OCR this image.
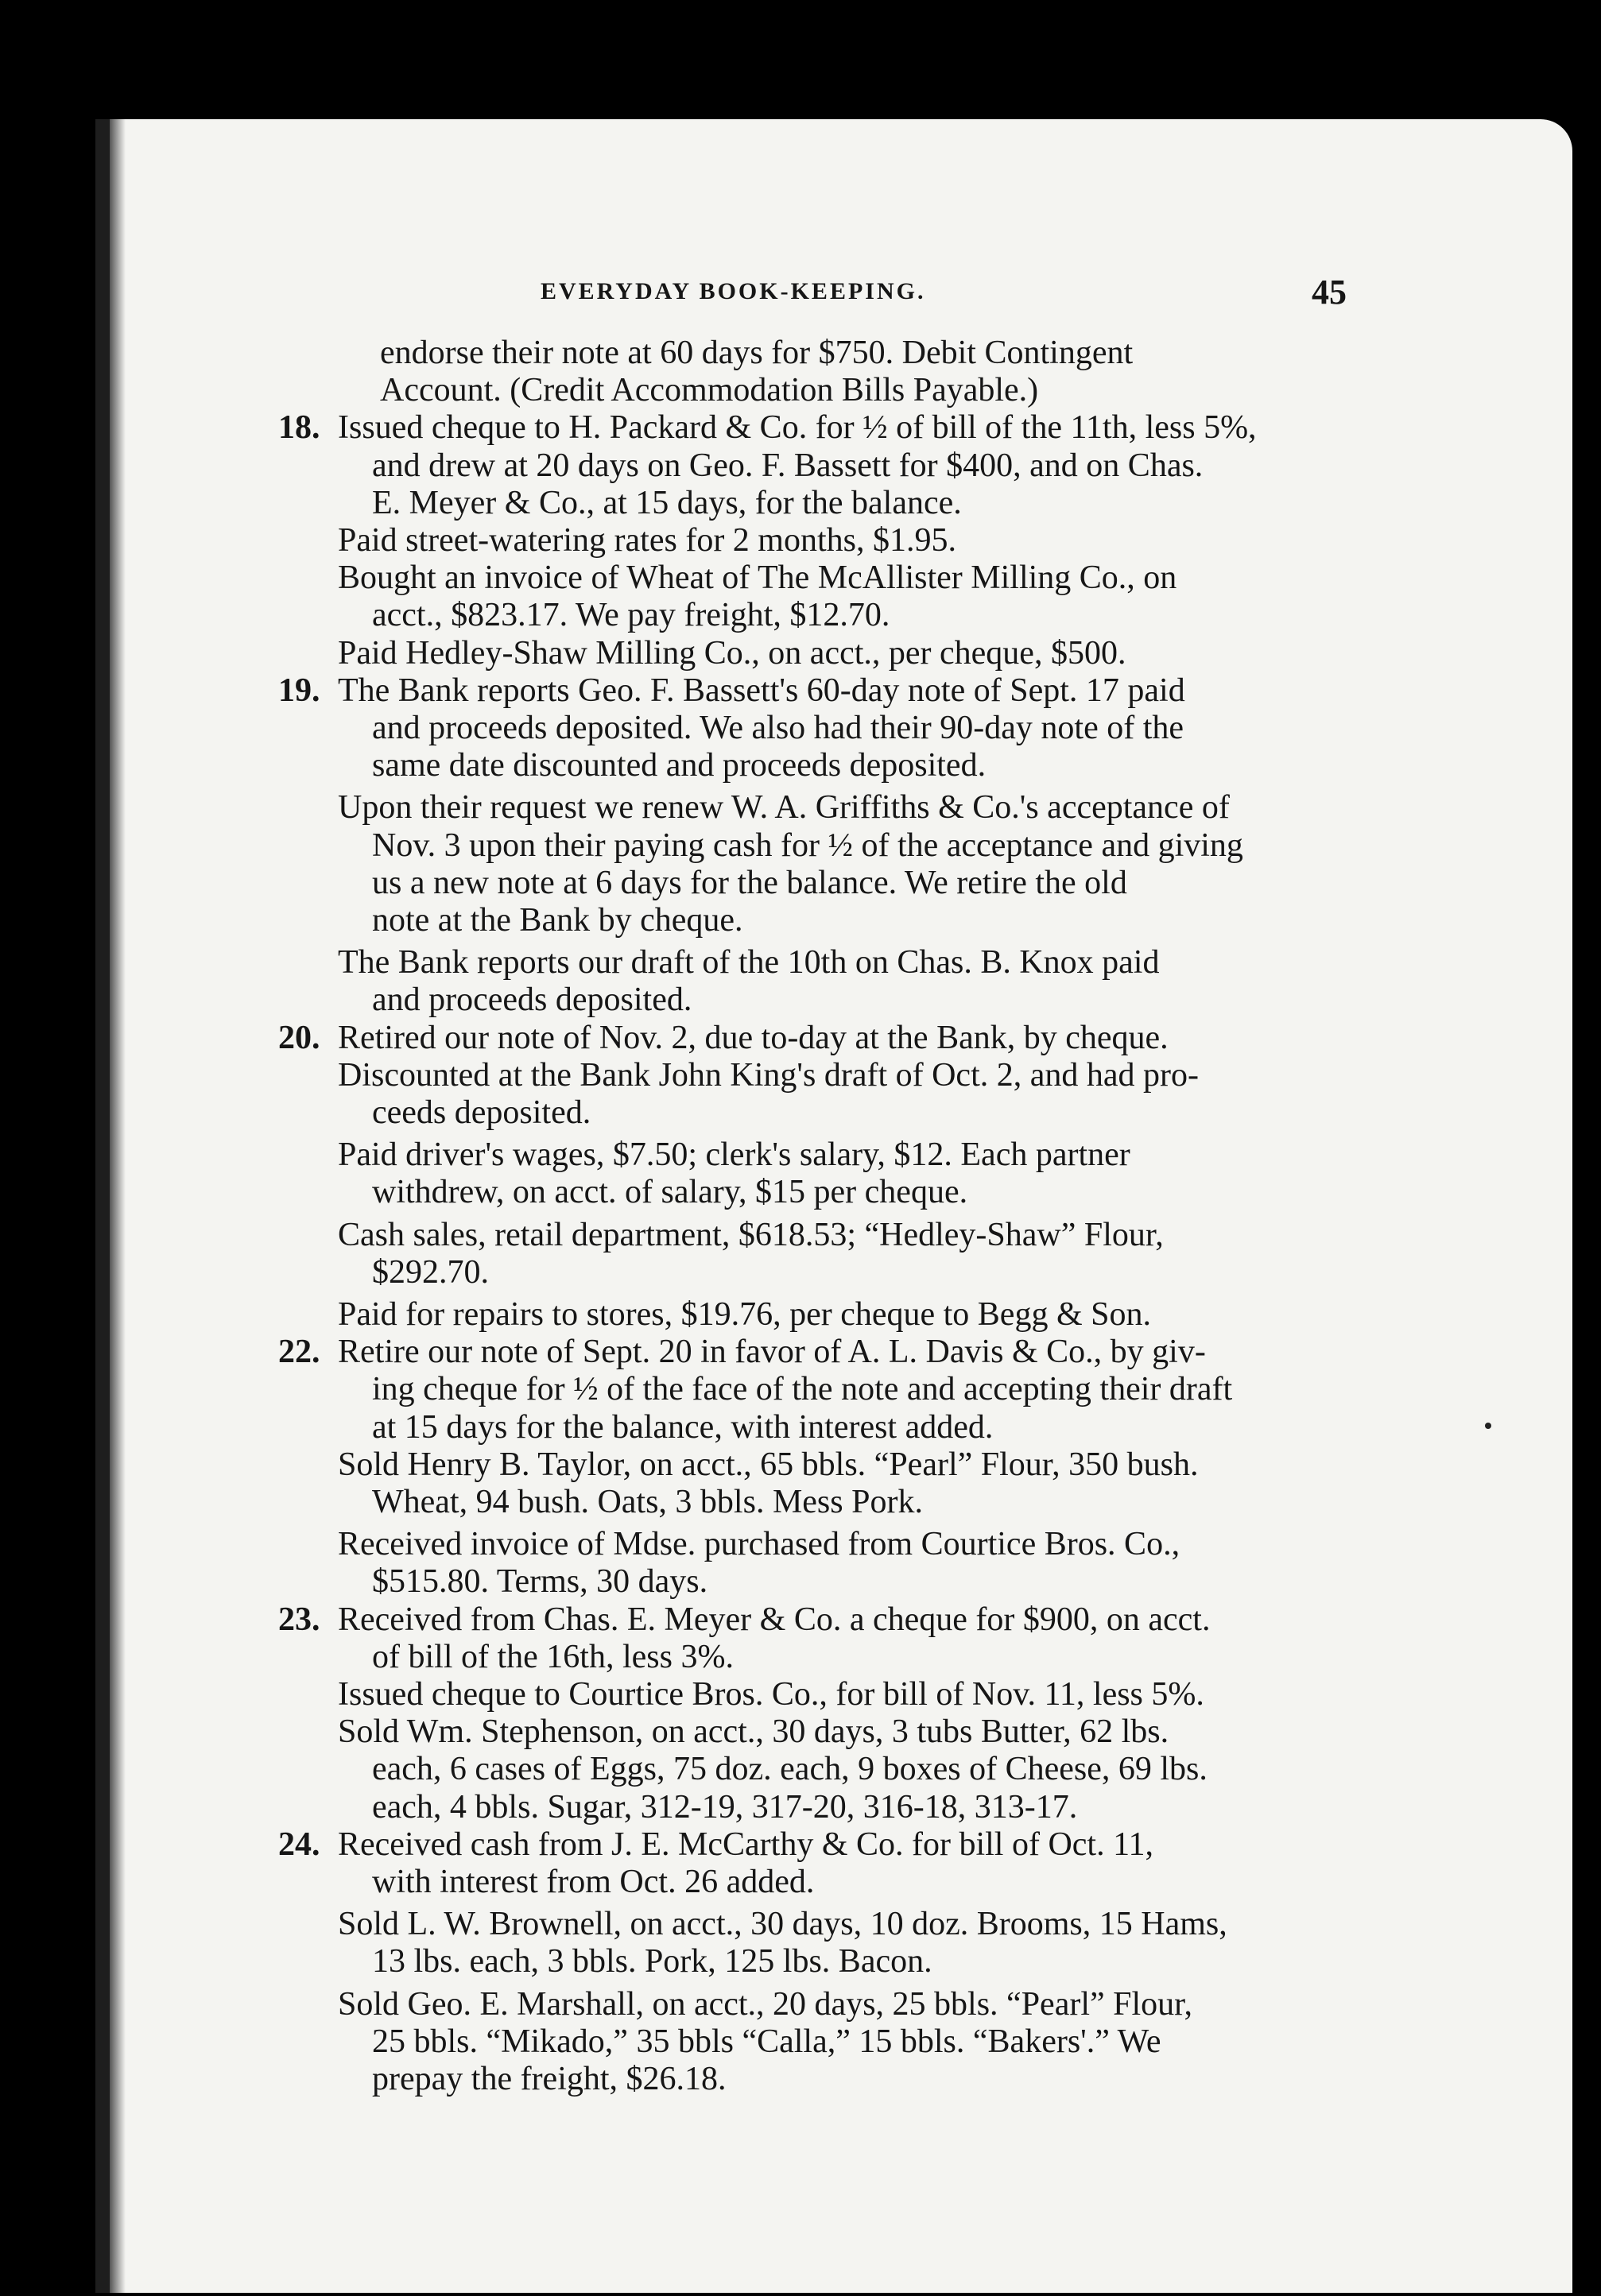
EVERYDAY BOOK-KEEPING.	45
endorse their note at 60 days for $750. Debit Contingent
Account. (Credit Accommodation Bills Payable.)
18. Issued cheque to H. Packard & Co. for ½ of bill of the 11th, less 5%,
and drew at 20 days on Geo. F. Bassett for $400, and on Chas.
E. Meyer & Co., at 15 days, for the balance.
Paid street-watering rates for 2 months, $1.95.
Bought an invoice of Wheat of The McAllister Milling Co., on
acct., $823.17. We pay freight, $12.70.
Paid Hedley-Shaw Milling Co., on acct., per cheque, $500.
19. The Bank reports Geo. F. Bassett's 60-day note of Sept. 17 paid
and proceeds deposited. We also had their 90-day note of the
same date discounted and proceeds deposited.
Upon their request we renew W. A. Griffiths & Co.'s acceptance of
Nov. 3 upon their paying cash for ½ of the acceptance and giving
us a new note at 6 days for the balance. We retire the old
note at the Bank by cheque.
The Bank reports our draft of the 10th on Chas. B. Knox paid
and proceeds deposited.
20. Retired our note of Nov. 2, due to-day at the Bank, by cheque.
Discounted at the Bank John King's draft of Oct. 2, and had pro-
ceeds deposited.
Paid driver's wages, $7.50; clerk's salary, $12. Each partner
withdrew, on acct. of salary, $15 per cheque.
Cash sales, retail department, $618.53; “Hedley-Shaw” Flour,
$292.70.
Paid for repairs to stores, $19.76, per cheque to Begg & Son.
22. Retire our note of Sept. 20 in favor of A. L. Davis & Co., by giv-
ing cheque for ½ of the face of the note and accepting their draft
at 15 days for the balance, with interest added.
Sold Henry B. Taylor, on acct., 65 bbls. “Pearl” Flour, 350 bush.
Wheat, 94 bush. Oats, 3 bbls. Mess Pork.
Received invoice of Mdse. purchased from Courtice Bros. Co.,
$515.80. Terms, 30 days.
23. Received from Chas. E. Meyer & Co. a cheque for $900, on acct.
of bill of the 16th, less 3%.
Issued cheque to Courtice Bros. Co., for bill of Nov. 11, less 5%.
Sold Wm. Stephenson, on acct., 30 days, 3 tubs Butter, 62 lbs.
each, 6 cases of Eggs, 75 doz. each, 9 boxes of Cheese, 69 lbs.
each, 4 bbls. Sugar, 312-19, 317-20, 316-18, 313-17.
24. Received cash from J. E. McCarthy & Co. for bill of Oct. 11,
with interest from Oct. 26 added.
Sold L. W. Brownell, on acct., 30 days, 10 doz. Brooms, 15 Hams,
13 lbs. each, 3 bbls. Pork, 125 lbs. Bacon.
Sold Geo. E. Marshall, on acct., 20 days, 25 bbls. “Pearl” Flour,
25 bbls. “Mikado,” 35 bbls “Calla,” 15 bbls. “Bakers'.” We
prepay the freight, $26.18.
